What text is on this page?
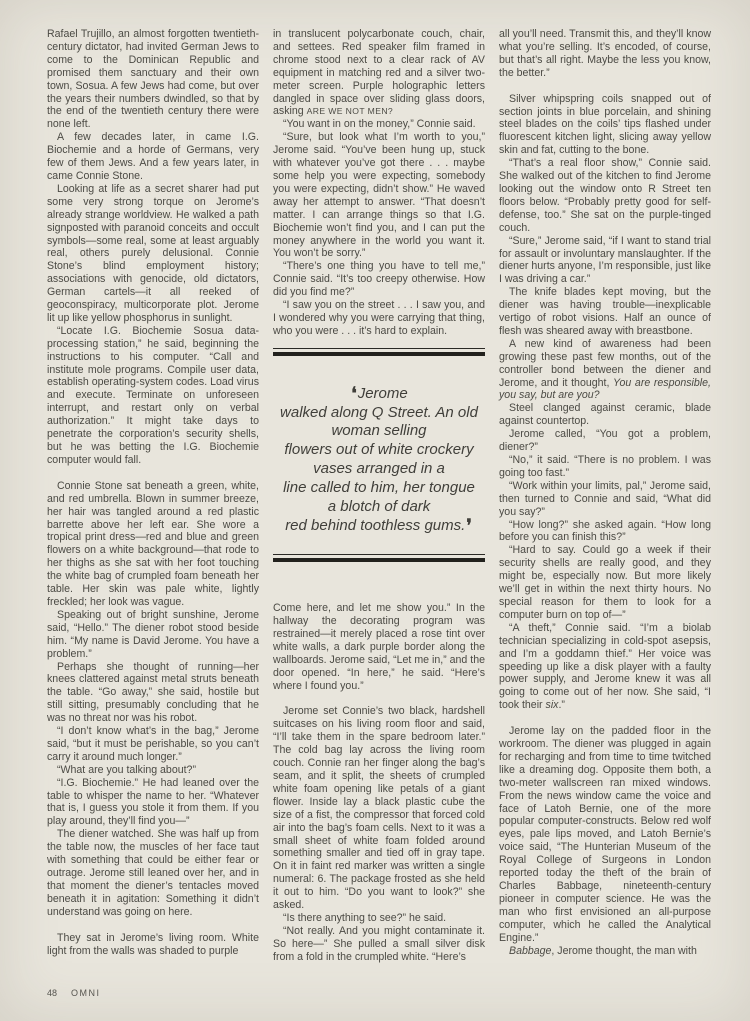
Rafael Trujillo, an almost forgotten twentieth-century dictator, had invited German Jews to come to the Dominican Republic and promised them sanctuary and their own town, Sosua. A few Jews had come, but over the years their numbers dwindled, so that by the end of the twentieth century there were none left.

A few decades later, in came I.G. Biochemie and a horde of Germans, very few of them Jews. And a few years later, in came Connie Stone.

Looking at life as a secret sharer had put some very strong torque on Jerome’s already strange worldview. He walked a path signposted with paranoid conceits and occult symbols—some real, some at least arguably real, others purely delusional. Connie Stone’s blind employment history; associations with genocide, old dictators, German cartels—it all reeked of geoconspiracy, multicorporate plot. Jerome lit up like yellow phosphorus in sunlight.

“Locate I.G. Biochemie Sosua data-processing station,” he said, beginning the instructions to his computer. “Call and institute mole programs. Compile user data, establish operating-system codes. Load virus and execute. Terminate on unforeseen interrupt, and restart only on verbal authorization.” It might take days to penetrate the corporation’s security shells, but he was betting the I.G. Biochemie computer would fall.

Connie Stone sat beneath a green, white, and red umbrella. Blown in summer breeze, her hair was tangled around a red plastic barrette above her left ear. She wore a tropical print dress—red and blue and green flowers on a white background—that rode to her thighs as she sat with her foot touching the white bag of crumpled foam beneath her table. Her skin was pale white, lightly freckled; her look was vague.

Speaking out of bright sunshine, Jerome said, “Hello.” The diener robot stood beside him. “My name is David Jerome. You have a problem.”

Perhaps she thought of running—her knees clattered against metal struts beneath the table. “Go away,” she said, hostile but still sitting, presumably concluding that he was no threat nor was his robot.

“I don’t know what’s in the bag,” Jerome said, “but it must be perishable, so you can’t carry it around much longer.”

“What are you talking about?”

“I.G. Biochemie.” He had leaned over the table to whisper the name to her. “Whatever that is, I guess you stole it from them. If you play around, they’ll find you—”

The diener watched. She was half up from the table now, the muscles of her face taut with something that could be either fear or outrage. Jerome still leaned over her, and in that moment the diener’s tentacles moved beneath it in agitation: Something it didn’t understand was going on here.

They sat in Jerome’s living room. White light from the walls was shaded to purple

in translucent polycarbonate couch, chair, and settees. Red speaker film framed in chrome stood next to a clear rack of AV equipment in matching red and a silver two-meter screen. Purple holographic letters dangled in space over sliding glass doors, asking ARE WE NOT MEN?

“You want in on the money,” Connie said.

“Sure, but look what I’m worth to you,” Jerome said. “You’ve been hung up, stuck with whatever you’ve got there . . . maybe some help you were expecting, somebody you were expecting, didn’t show.” He waved away her attempt to answer. “That doesn’t matter. I can arrange things so that I.G. Biochemie won’t find you, and I can put the money anywhere in the world you want it. You won’t be sorry.”

“There’s one thing you have to tell me,” Connie said. “It’s too creepy otherwise. How did you find me?”

“I saw you on the street . . . I saw you, and I wondered why you were carrying that thing, who you were . . . it’s hard to explain.

❛Jerome
walked along Q Street. An old
woman selling
flowers out of white crockery
vases arranged in a
line called to him, her tongue
a blotch of dark
red behind toothless gums.❜

Come here, and let me show you.” In the hallway the decorating program was restrained—it merely placed a rose tint over white walls, a dark purple border along the wallboards. Jerome said, “Let me in,” and the door opened. “In here,” he said. “Here’s where I found you.”

Jerome set Connie’s two black, hardshell suitcases on his living room floor and said, “I’ll take them in the spare bedroom later.” The cold bag lay across the living room couch. Connie ran her finger along the bag’s seam, and it split, the sheets of crumpled white foam opening like petals of a giant flower. Inside lay a black plastic cube the size of a fist, the compressor that forced cold air into the bag’s foam cells. Next to it was a small sheet of white foam folded around something smaller and tied off in gray tape. On it in faint red marker was written a single numeral: 6. The package frosted as she held it out to him. “Do you want to look?” she asked.

“Is there anything to see?” he said.

“Not really. And you might contaminate it. So here—” She pulled a small silver disk from a fold in the crumpled white. “Here’s

all you’ll need. Transmit this, and they’ll know what you’re selling. It’s encoded, of course, but that’s all right. Maybe the less you know, the better.”

Silver whipspring coils snapped out of section joints in blue porcelain, and shining steel blades on the coils’ tips flashed under fluorescent kitchen light, slicing away yellow skin and fat, cutting to the bone.

“That’s a real floor show,” Connie said. She walked out of the kitchen to find Jerome looking out the window onto R Street ten floors below. “Probably pretty good for self-defense, too.” She sat on the purple-tinged couch.

“Sure,” Jerome said, “if I want to stand trial for assault or involuntary manslaughter. If the diener hurts anyone, I’m responsible, just like I was driving a car.”

The knife blades kept moving, but the diener was having trouble—inexplicable vertigo of robot visions. Half an ounce of flesh was sheared away with breastbone.

A new kind of awareness had been growing these past few months, out of the controller bond between the diener and Jerome, and it thought, You are responsible, you say, but are you?

Steel clanged against ceramic, blade against countertop.

Jerome called, “You got a problem, diener?”

“No,” it said. “There is no problem. I was going too fast.”

“Work within your limits, pal,” Jerome said, then turned to Connie and said, “What did you say?”

“How long?” she asked again. “How long before you can finish this?”

“Hard to say. Could go a week if their security shells are really good, and they might be, especially now. But more likely we’ll get in within the next thirty hours. No special reason for them to look for a computer burn on top of—”

“A theft,” Connie said. “I’m a biolab technician specializing in cold-spot asepsis, and I’m a goddamn thief.” Her voice was speeding up like a disk player with a faulty power supply, and Jerome knew it was all going to come out of her now. She said, “I took their six.”

Jerome lay on the padded floor in the workroom. The diener was plugged in again for recharging and from time to time twitched like a dreaming dog. Opposite them both, a two-meter wallscreen ran mixed windows. From the news window came the voice and face of Latoh Bernie, one of the more popular computer-constructs. Below red wolf eyes, pale lips moved, and Latoh Bernie’s voice said, “The Hunterian Museum of the Royal College of Surgeons in London reported today the theft of the brain of Charles Babbage, nineteenth-century pioneer in computer science. He was the man who first envisioned an all-purpose computer, which he called the Analytical Engine.”

Babbage, Jerome thought, the man with

48 OMNI
